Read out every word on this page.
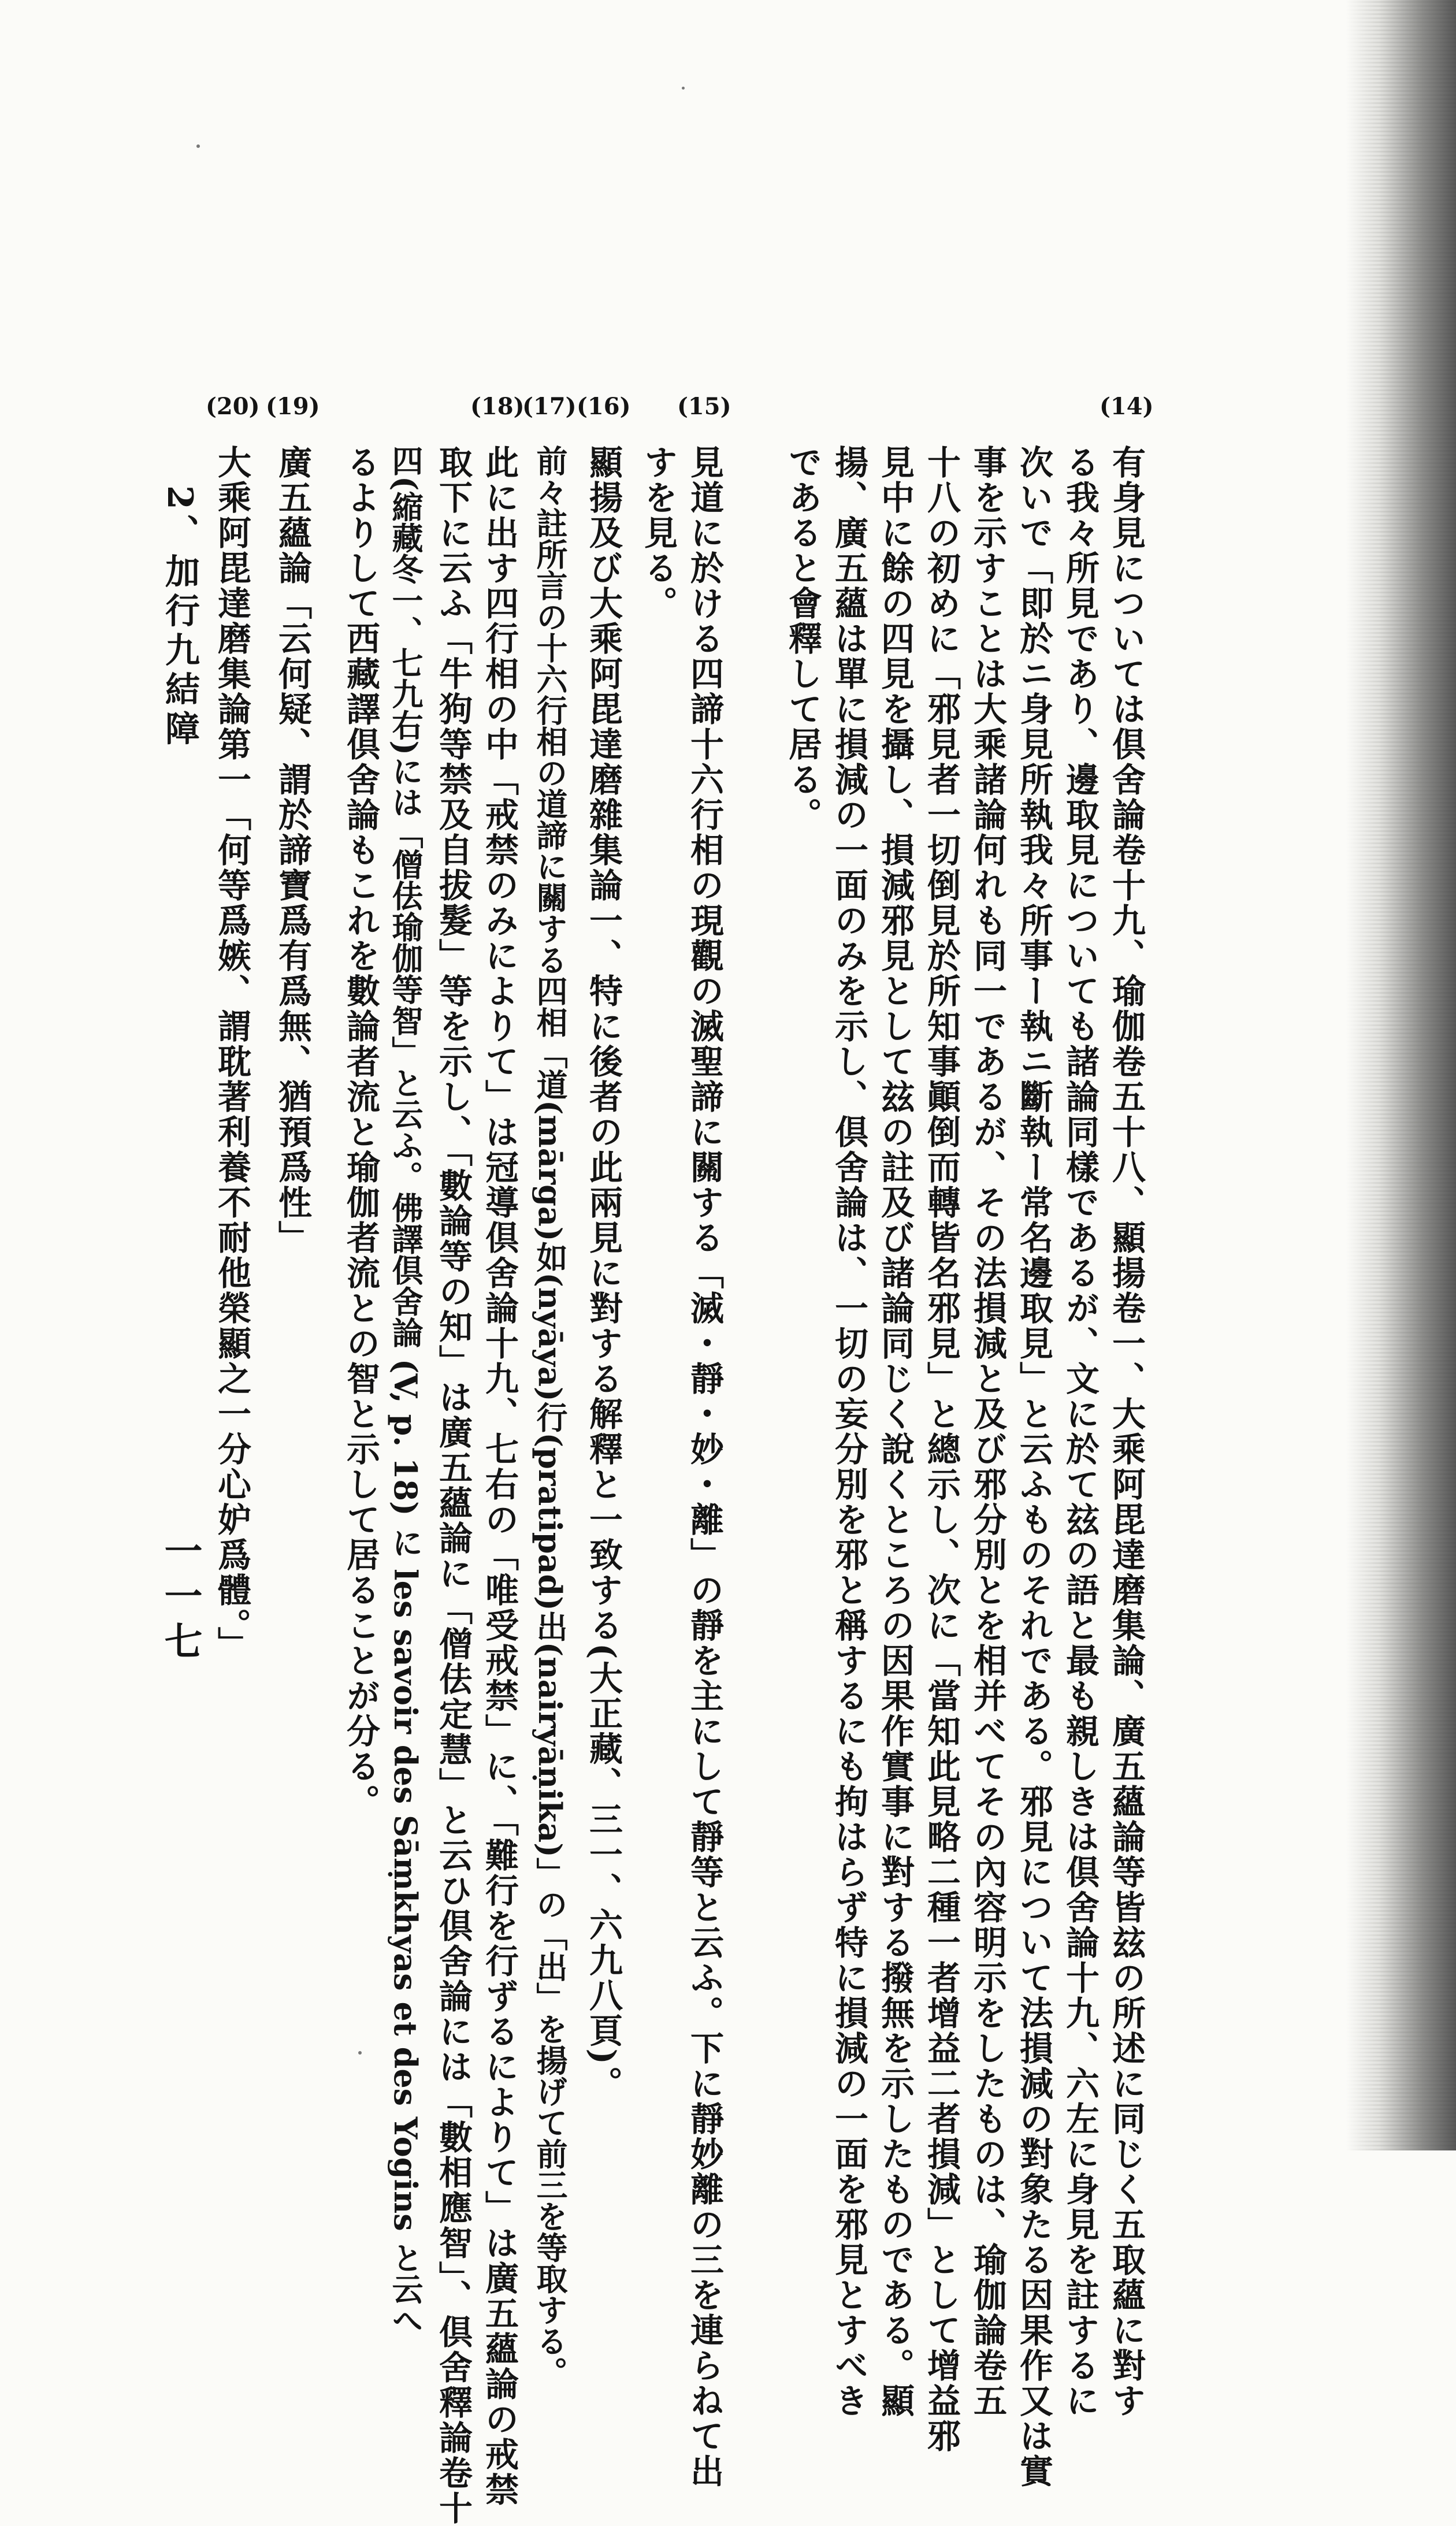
(14)
(15)
(16)
(17)
(18)
(19)
(20)
有身見については倶舍論卷十九、瑜伽卷五十八、顯揚卷一、大乘阿毘達磨集論、廣五蘊論等皆玆の所述に同じく五取蘊に對す
る我々所見であり、邊取見についても諸論同樣であるが、文に於て玆の語と最も親しきは倶舍論十九、六左に身見を註するに
次いで「即於ニ身見所執我々所事ー執ニ斷執ー常名邊取見」と云ふものそれである。邪見について法損減の對象たる因果作又は實
事を示すことは大乘諸論何れも同一であるが、その法損減と及び邪分別とを相并べてその內容明示をしたものは、瑜伽論卷五
十八の初めに「邪見者一切倒見於所知事顚倒而轉皆名邪見」と總示し、次に「當知此見略二種一者增益二者損減」として增益邪
見中に餘の四見を攝し、損減邪見として玆の註及び諸論同じく說くところの因果作實事に對する撥無を示したものである。顯
揚、廣五蘊は單に損減の一面のみを示し、倶舍論は、一切の妄分別を邪と稱するにも拘はらず特に損減の一面を邪見とすべき
であると會釋して居る。
見道に於ける四諦十六行相の現觀の滅聖諦に關する「滅・靜・妙・離」の靜を主にして靜等と云ふ。下に靜妙離の三を連らねて出
すを見る。
顯揚及び大乘阿毘達磨雜集論一、特に後者の此兩見に對する解釋と一致する(大正藏、三一、六九八頁)。
前々註所言の十六行相の道諦に關する四相「道(mārga)如(nyāya)行(pratipad)出(nairyāṇika)」の「出」を揚げて前三を等取する。
此に出す四行相の中「戒禁のみによりて」は冠導倶舍論十九、七右の「唯受戒禁」に、「難行を行ずるによりて」は廣五蘊論の戒禁
取下に云ふ「牛狗等禁及自拔髮」等を示し、「數論等の知」は廣五蘊論に「僧佉定慧」と云ひ倶舍論には「數相應智」、倶舍釋論卷十
四(縮藏冬一、七九右)には「僧佉瑜伽等智」と云ふ。佛譯倶舍論 (V, p. 18) に les savoir des Sāṃkhyas et des Yogins と云へ
るよりして西藏譯倶舍論もこれを數論者流と瑜伽者流との智と示して居ることが分る。
廣五蘊論「云何疑、謂於諦寶爲有爲無、猶預爲性」
大乘阿毘達磨集論第一「何等爲嫉、謂耽著利養不耐他榮顯之一分心妒爲體。」
2、加行九結障
一一七
